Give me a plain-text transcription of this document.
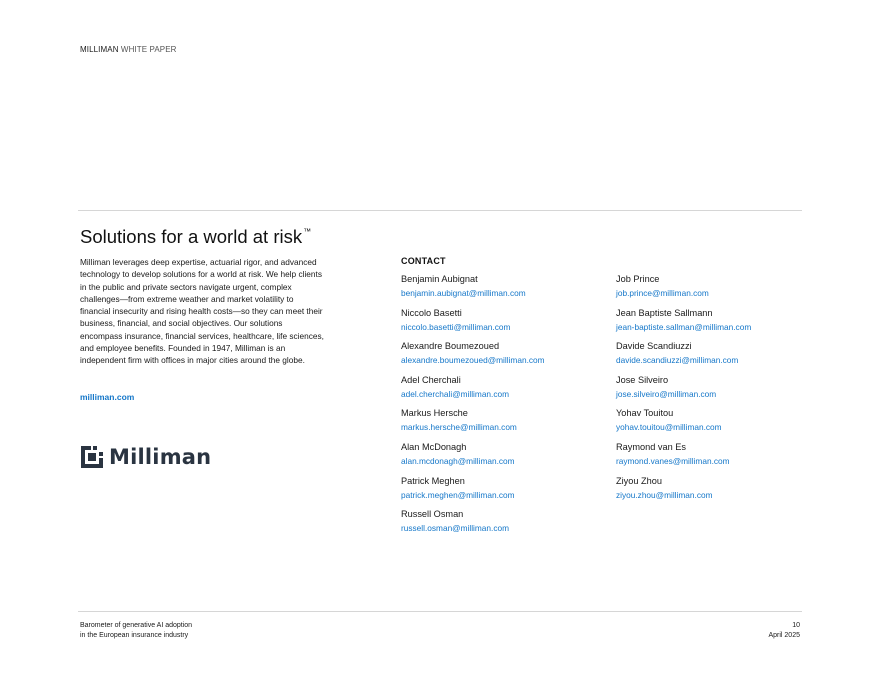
MILLIMAN WHITE PAPER
Solutions for a world at risk™
Milliman leverages deep expertise, actuarial rigor, and advanced technology to develop solutions for a world at risk. We help clients in the public and private sectors navigate urgent, complex challenges—from extreme weather and market volatility to financial insecurity and rising health costs—so they can meet their business, financial, and social objectives. Our solutions encompass insurance, financial services, healthcare, life sciences, and employee benefits. Founded in 1947, Milliman is an independent firm with offices in major cities around the globe.
milliman.com
Milliman
CONTACT
Benjamin Aubignat
benjamin.aubignat@milliman.com
Niccolo Basetti
niccolo.basetti@milliman.com
Alexandre Boumezoued
alexandre.boumezoued@milliman.com
Adel Cherchali
adel.cherchali@milliman.com
Markus Hersche
markus.hersche@milliman.com
Alan McDonagh
alan.mcdonagh@milliman.com
Patrick Meghen
patrick.meghen@milliman.com
Russell Osman
russell.osman@milliman.com
Job Prince
job.prince@milliman.com
Jean Baptiste Sallmann
jean-baptiste.sallman@milliman.com
Davide Scandiuzzi
davide.scandiuzzi@milliman.com
Jose Silveiro
jose.silveiro@milliman.com
Yohav Touitou
yohav.touitou@milliman.com
Raymond van Es
raymond.vanes@milliman.com
Ziyou Zhou
ziyou.zhou@milliman.com
Barometer of generative AI adoption
in the European insurance industry
10
April 2025
